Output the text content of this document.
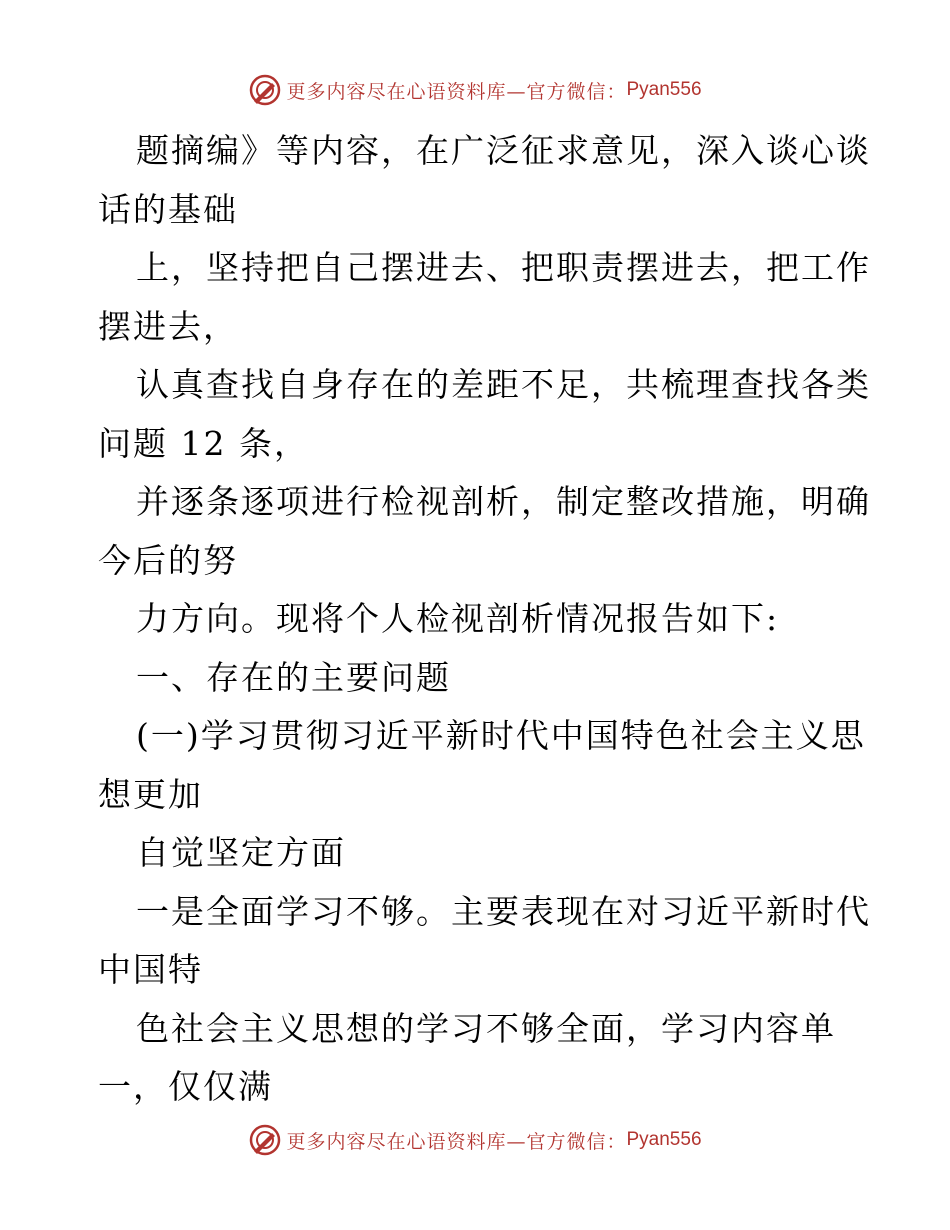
更多内容尽在心语资料库—官方微信： Pyan556
题摘编》等内容，在广泛征求意见，深入谈心谈
话的基础
上，坚持把自己摆进去、把职责摆进去，把工作
摆进去，
认真查找自身存在的差距不足，共梳理查找各类
问题 12 条，
并逐条逐项进行检视剖析，制定整改措施，明确
今后的努
力方向。现将个人检视剖析情况报告如下:
一、存在的主要问题
(一)学习贯彻习近平新时代中国特色社会主义思
想更加
自觉坚定方面
一是全面学习不够。主要表现在对习近平新时代
中国特
色社会主义思想的学习不够全面，学习内容单
一，仅仅满
更多内容尽在心语资料库—官方微信： Pyan556
